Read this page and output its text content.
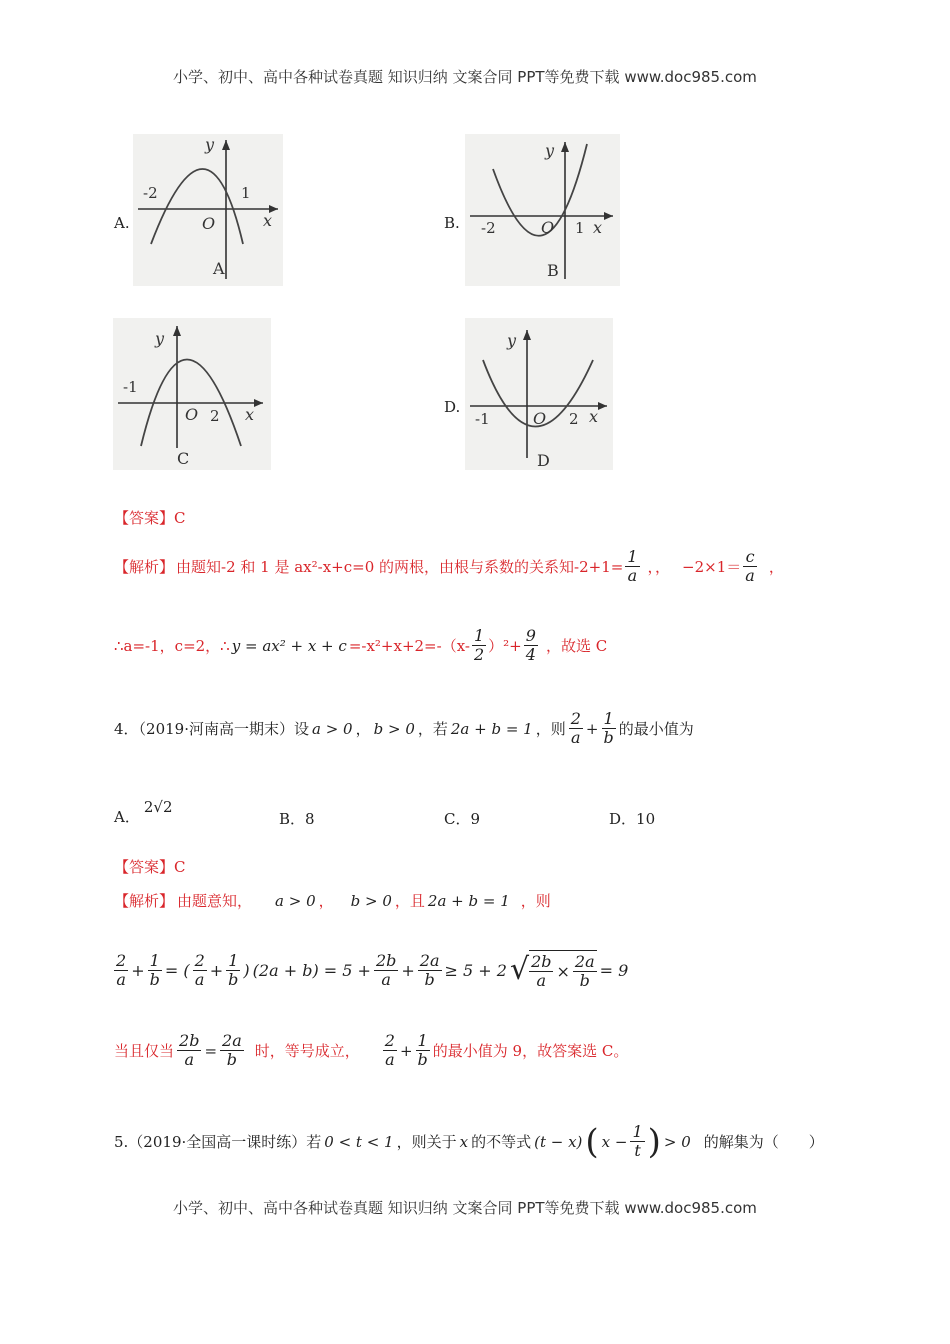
小学、初中、高中各种试卷真题 知识归纳 文案合同 PPT等免费下载 www.doc985.com
A.
y
x
O
-2	1
A
B.
y
x
O
-2	1
B
y
x
O
-1
2
C
D.
y
x
O
-1	2
D
【答案】C
【解析】 由题知-2 和 1 是 ax²-x+c=0 的两根，由根与系数的关系知$-2+1= \frac{1}{a}$ ，， $-2\times 1= \frac{c}{a}$ ，
∴a=-1，c=2，∴ $y = ax^2 + x + c =-x^2+x+2=-(x- \frac{1}{2} )^2+ \frac{9}{4}$ ，故选 C
4．（2019·河南高一期末）设 a > 0 ， b > 0 ，若 2a + b = 1 ，则 $\frac{2}{a} + \frac{1}{b}$ 的最小值为
A．2√2
B．8	C．9	D．10
【答案】C
【解析】 由题意知， a > 0 ， b > 0 ，且 2a + b = 1 ，则
$\frac{2}{a} + \frac{1}{b}$ = ( $\frac{2}{a} + \frac{1}{b}$ ) $(2a + b) = 5 + \frac{2b}{a} + \frac{2a}{b} \ge 5 + 2$ √ $\frac{2b}{a} \times \frac{2a}{b} = 9$
当且仅当 $\frac{2b}{a} = \frac{2a}{b}$ 时，等号成立， $\frac{2}{a} + \frac{1}{b}$ 的最小值为 9，故答案选 C。
5.（2019·全国高一课时练）若 0 < t < 1 ，则关于 x 的不等式 (t − x) ( $x - \frac{1}{t}$ ) > 0 的解集为（　　）
小学、初中、高中各种试卷真题 知识归纳 文案合同 PPT等免费下载 www.doc985.com
